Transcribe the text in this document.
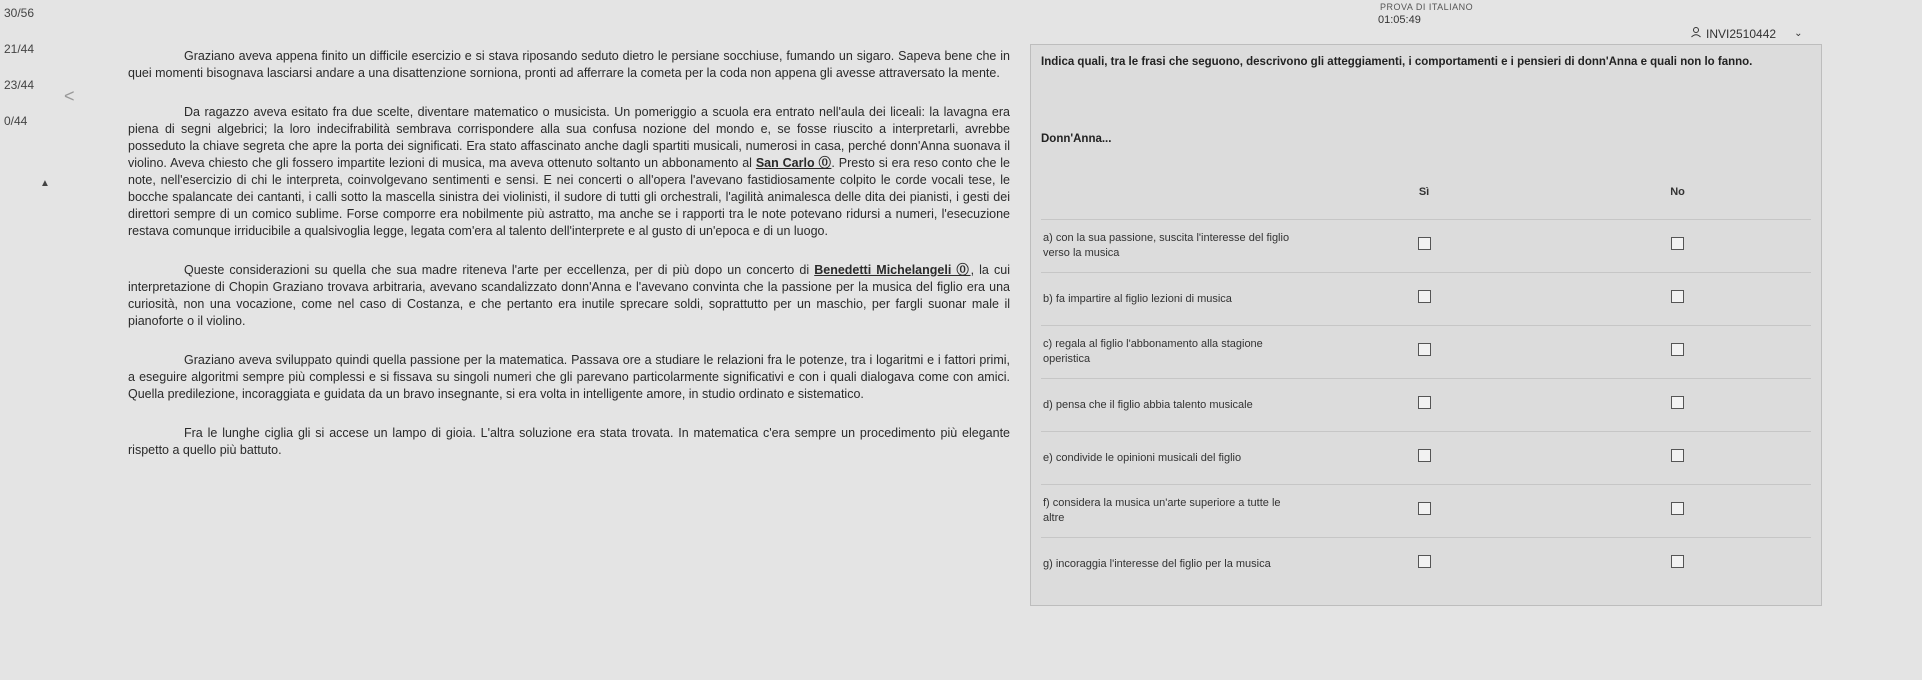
30/56
21/44
23/44
0/44
PROVA DI ITALIANO
01:05:49
INVI2510442 ⌄
<
▲

Graziano aveva appena finito un difficile esercizio e si stava riposando seduto dietro le persiane socchiuse, fumando un sigaro. Sapeva bene che in quei momenti bisognava lasciarsi andare a una disattenzione sorniona, pronti ad afferrare la cometa per la coda non appena gli avesse attraversato la mente.

Da ragazzo aveva esitato fra due scelte, diventare matematico o musicista. Un pomeriggio a scuola era entrato nell'aula dei liceali: la lavagna era piena di segni algebrici; la loro indecifrabilità sembrava corrispondere alla sua confusa nozione del mondo e, se fosse riuscito a interpretarli, avrebbe posseduto la chiave segreta che apre la porta dei significati. Era stato affascinato anche dagli spartiti musicali, numerosi in casa, perché donn'Anna suonava il violino. Aveva chiesto che gli fossero impartite lezioni di musica, ma aveva ottenuto soltanto un abbonamento al San Carlo ⓪. Presto si era reso conto che le note, nell'esercizio di chi le interpreta, coinvolgevano sentimenti e sensi. E nei concerti o all'opera l'avevano fastidiosamente colpito le corde vocali tese, le bocche spalancate dei cantanti, i calli sotto la mascella sinistra dei violinisti, il sudore di tutti gli orchestrali, l'agilità animalesca delle dita dei pianisti, i gesti dei direttori sempre di un comico sublime. Forse comporre era nobilmente più astratto, ma anche se i rapporti tra le note potevano ridursi a numeri, l'esecuzione restava comunque irriducibile a qualsivoglia legge, legata com'era al talento dell'interprete e al gusto di un'epoca e di un luogo.

Queste considerazioni su quella che sua madre riteneva l'arte per eccellenza, per di più dopo un concerto di Benedetti Michelangeli ⓪, la cui interpretazione di Chopin Graziano trovava arbitraria, avevano scandalizzato donn'Anna e l'avevano convinta che la passione per la musica del figlio era una curiosità, non una vocazione, come nel caso di Costanza, e che pertanto era inutile sprecare soldi, soprattutto per un maschio, per fargli suonar male il pianoforte o il violino.

Graziano aveva sviluppato quindi quella passione per la matematica. Passava ore a studiare le relazioni fra le potenze, tra i logaritmi e i fattori primi, a eseguire algoritmi sempre più complessi e si fissava su singoli numeri che gli parevano particolarmente significativi e con i quali dialogava come con amici. Quella predilezione, incoraggiata e guidata da un bravo insegnante, si era volta in intelligente amore, in studio ordinato e sistematico.

Fra le lunghe ciglia gli si accese un lampo di gioia. L'altra soluzione era stata trovata. In matematica c'era sempre un procedimento più elegante rispetto a quello più battuto.

Indica quali, tra le frasi che seguono, descrivono gli atteggiamenti, i comportamenti e i pensieri di donn'Anna e quali non lo fanno.
Donn'Anna...
	Sì	No
a) con la sua passione, suscita l'interesse del figlio verso la musica		
b) fa impartire al figlio lezioni di musica		
c) regala al figlio l'abbonamento alla stagione operistica		
d) pensa che il figlio abbia talento musicale		
e) condivide le opinioni musicali del figlio		
f) considera la musica un'arte superiore a tutte le altre		
g) incoraggia l'interesse del figlio per la musica		
